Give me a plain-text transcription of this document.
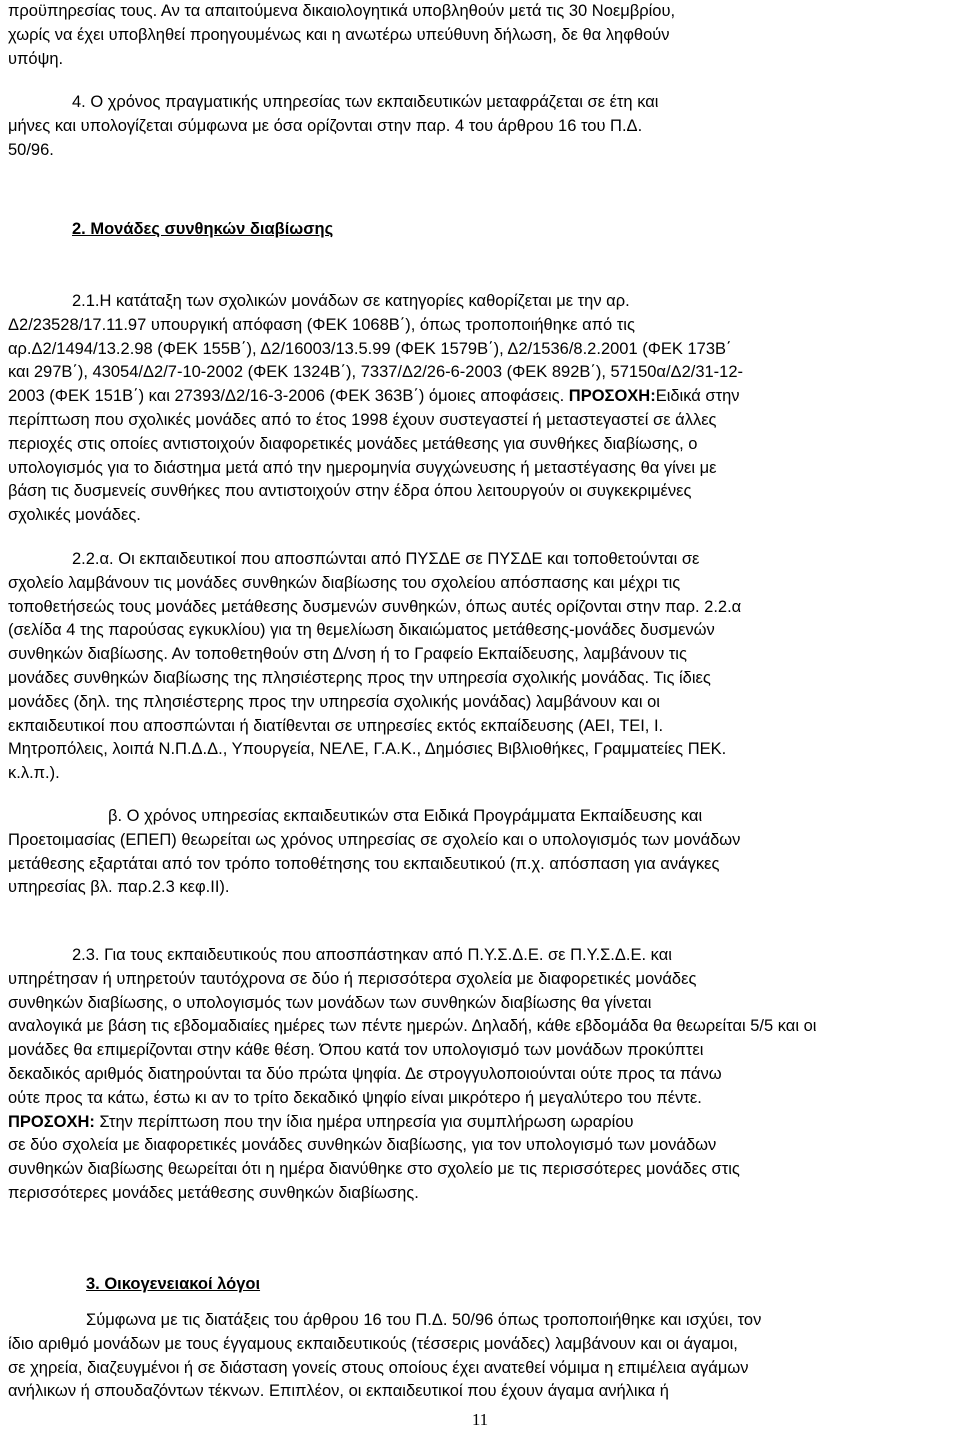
προϋπηρεσίας τους. Αν τα απαιτούμενα δικαιολογητικά υποβληθούν μετά τις 30 Νοεμβρίου,
χωρίς να έχει υποβληθεί προηγουμένως και η ανωτέρω υπεύθυνη δήλωση, δε θα ληφθούν
υπόψη.
4. Ο χρόνος πραγματικής υπηρεσίας των εκπαιδευτικών μεταφράζεται σε έτη και
μήνες και υπολογίζεται σύμφωνα με όσα ορίζονται στην παρ. 4 του άρθρου 16 του Π.Δ.
50/96.
2. Μονάδες συνθηκών διαβίωσης
2.1.Η κατάταξη των σχολικών μονάδων σε κατηγορίες καθορίζεται με την αρ.
Δ2/23528/17.11.97 υπουργική απόφαση (ΦΕΚ 1068Β΄), όπως τροποποιήθηκε από τις
αρ.Δ2/1494/13.2.98 (ΦΕΚ 155Β΄), Δ2/16003/13.5.99 (ΦΕΚ 1579Β΄), Δ2/1536/8.2.2001 (ΦΕΚ 173Β΄
και 297Β΄), 43054/Δ2/7-10-2002 (ΦΕΚ 1324Β΄), 7337/Δ2/26-6-2003 (ΦΕΚ 892Β΄), 57150α/Δ2/31-12-
2003 (ΦΕΚ 151Β΄) και 27393/Δ2/16-3-2006 (ΦΕΚ 363Β΄) όμοιες αποφάσεις. ΠΡΟΣΟΧΗ:Ειδικά στην
περίπτωση που σχολικές μονάδες από το έτος 1998 έχουν συστεγαστεί ή μεταστεγαστεί σε άλλες
περιοχές στις οποίες αντιστοιχούν διαφορετικές μονάδες μετάθεσης για συνθήκες διαβίωσης, ο
υπολογισμός για το διάστημα μετά από την ημερομηνία συγχώνευσης ή μεταστέγασης θα γίνει με
βάση τις δυσμενείς συνθήκες που αντιστοιχούν στην έδρα όπου λειτουργούν οι συγκεκριμένες
σχολικές μονάδες.
2.2.α. Οι εκπαιδευτικοί που αποσπώνται από ΠΥΣΔΕ σε ΠΥΣΔΕ και τοποθετούνται σε
σχολείο λαμβάνουν τις μονάδες συνθηκών διαβίωσης του σχολείου απόσπασης και μέχρι τις
τοποθετήσεώς τους μονάδες μετάθεσης δυσμενών συνθηκών, όπως αυτές ορίζονται στην παρ. 2.2.α
(σελίδα 4 της παρούσας εγκυκλίου) για τη θεμελίωση δικαιώματος μετάθεσης-μονάδες δυσμενών
συνθηκών διαβίωσης. Αν τοποθετηθούν στη Δ/νση ή το Γραφείο Εκπαίδευσης, λαμβάνουν τις
μονάδες συνθηκών διαβίωσης της πλησιέστερης προς την υπηρεσία σχολικής μονάδας. Τις ίδιες
μονάδες (δηλ. της πλησιέστερης προς την υπηρεσία σχολικής μονάδας) λαμβάνουν και οι
εκπαιδευτικοί που αποσπώνται ή διατίθενται σε υπηρεσίες εκτός εκπαίδευσης (ΑΕΙ, ΤΕΙ, Ι.
Μητροπόλεις, λοιπά Ν.Π.Δ.Δ., Υπουργεία, ΝΕΛΕ, Γ.Α.Κ., Δημόσιες Βιβλιοθήκες, Γραμματείες ΠΕΚ.
κ.λ.π.).
β. Ο χρόνος υπηρεσίας εκπαιδευτικών στα Ειδικά Προγράμματα Εκπαίδευσης και
Προετοιμασίας (ΕΠΕΠ) θεωρείται ως χρόνος υπηρεσίας σε σχολείο και ο υπολογισμός των μονάδων
μετάθεσης εξαρτάται από τον τρόπο τοποθέτησης του εκπαιδευτικού (π.χ. απόσπαση για ανάγκες
υπηρεσίας βλ. παρ.2.3 κεφ.ΙΙ).
2.3. Για τους εκπαιδευτικούς που αποσπάστηκαν από Π.Υ.Σ.Δ.Ε. σε Π.Υ.Σ.Δ.Ε. και
υπηρέτησαν ή υπηρετούν ταυτόχρονα σε δύο ή περισσότερα σχολεία με διαφορετικές μονάδες
συνθηκών διαβίωσης, ο υπολογισμός των μονάδων των συνθηκών διαβίωσης θα γίνεται
αναλογικά με βάση τις εβδομαδιαίες ημέρες των πέντε ημερών. Δηλαδή, κάθε εβδομάδα θα θεωρείται 5/5 και οι
μονάδες θα επιμερίζονται στην κάθε θέση. Όπου κατά τον υπολογισμό των μονάδων προκύπτει
δεκαδικός αριθμός διατηρούνται τα δύο πρώτα ψηφία. Δε στρογγυλοποιούνται ούτε προς τα πάνω
ούτε προς τα κάτω, έστω κι αν το τρίτο δεκαδικό ψηφίο είναι μικρότερο ή μεγαλύτερο του πέντε.
ΠΡΟΣΟΧΗ: Στην περίπτωση που την ίδια ημέρα υπηρεσία για συμπλήρωση ωραρίου
σε δύο σχολεία με διαφορετικές μονάδες συνθηκών διαβίωσης, για τον υπολογισμό των μονάδων
συνθηκών διαβίωσης θεωρείται ότι η ημέρα διανύθηκε στο σχολείο με τις περισσότερες μονάδες στις
περισσότερες μονάδες μετάθεσης συνθηκών διαβίωσης.
3. Οικογενειακοί λόγοι
Σύμφωνα με τις διατάξεις του άρθρου 16 του Π.Δ. 50/96 όπως τροποποιήθηκε και ισχύει, τον
ίδιο αριθμό μονάδων με τους έγγαμους εκπαιδευτικούς (τέσσερις μονάδες) λαμβάνουν και οι άγαμοι,
σε χηρεία, διαζευγμένοι ή σε διάσταση γονείς στους οποίους έχει ανατεθεί νόμιμα η επιμέλεια αγάμων
ανήλικων ή σπουδαζόντων τέκνων. Επιπλέον, οι εκπαιδευτικοί που έχουν άγαμα ανήλικα ή
11
